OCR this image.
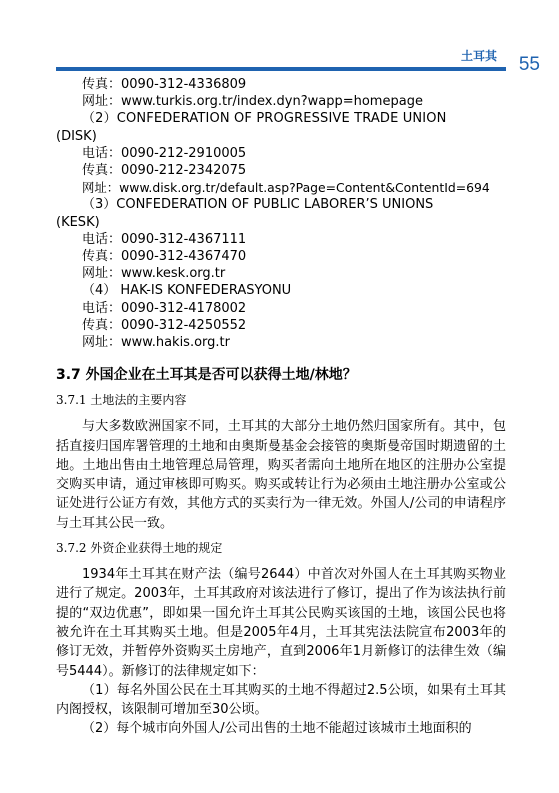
土耳其 55
传真：0090-312-4336809
网址：www.turkis.org.tr/index.dyn?wapp=homepage
（2）CONFEDERATION OF PROGRESSIVE TRADE UNION
(DISK)
电话：0090-212-2910005
传真：0090-212-2342075
网址：www.disk.org.tr/default.asp?Page=Content&ContentId=694
（3）CONFEDERATION OF PUBLIC LABORER’S UNIONS
(KESK)
电话：0090-312-4367111
传真：0090-312-4367470
网址：www.kesk.org.tr
（4） HAK-IS KONFEDERASYONU
电话：0090-312-4178002
传真：0090-312-4250552
网址：www.hakis.org.tr
3.7 外国企业在土耳其是否可以获得土地/林地？
3.7.1 土地法的主要内容
与大多数欧洲国家不同，土耳其的大部分土地仍然归国家所有。其中，包括直接归国库署管理的土地和由奥斯曼基金会接管的奥斯曼帝国时期遗留的土地。土地出售由土地管理总局管理，购买者需向土地所在地区的注册办公室提交购买申请，通过审核即可购买。购买或转让行为必须由土地注册办公室或公证处进行公证方有效，其他方式的买卖行为一律无效。外国人/公司的申请程序与土耳其公民一致。
3.7.2 外资企业获得土地的规定
1934年土耳其在财产法（编号2644）中首次对外国人在土耳其购买物业进行了规定。2003年，土耳其政府对该法进行了修订，提出了作为该法执行前提的“双边优惠”，即如果一国允许土耳其公民购买该国的土地，该国公民也将被允许在土耳其购买土地。但是2005年4月，土耳其宪法法院宣布2003年的修订无效，并暂停外资购买土房地产，直到2006年1月新修订的法律生效（编号5444）。新修订的法律规定如下：
（1）每名外国公民在土耳其购买的土地不得超过2.5公顷，如果有土耳其内阁授权，该限制可增加至30公顷。
（2）每个城市向外国人/公司出售的土地不能超过该城市土地面积的
